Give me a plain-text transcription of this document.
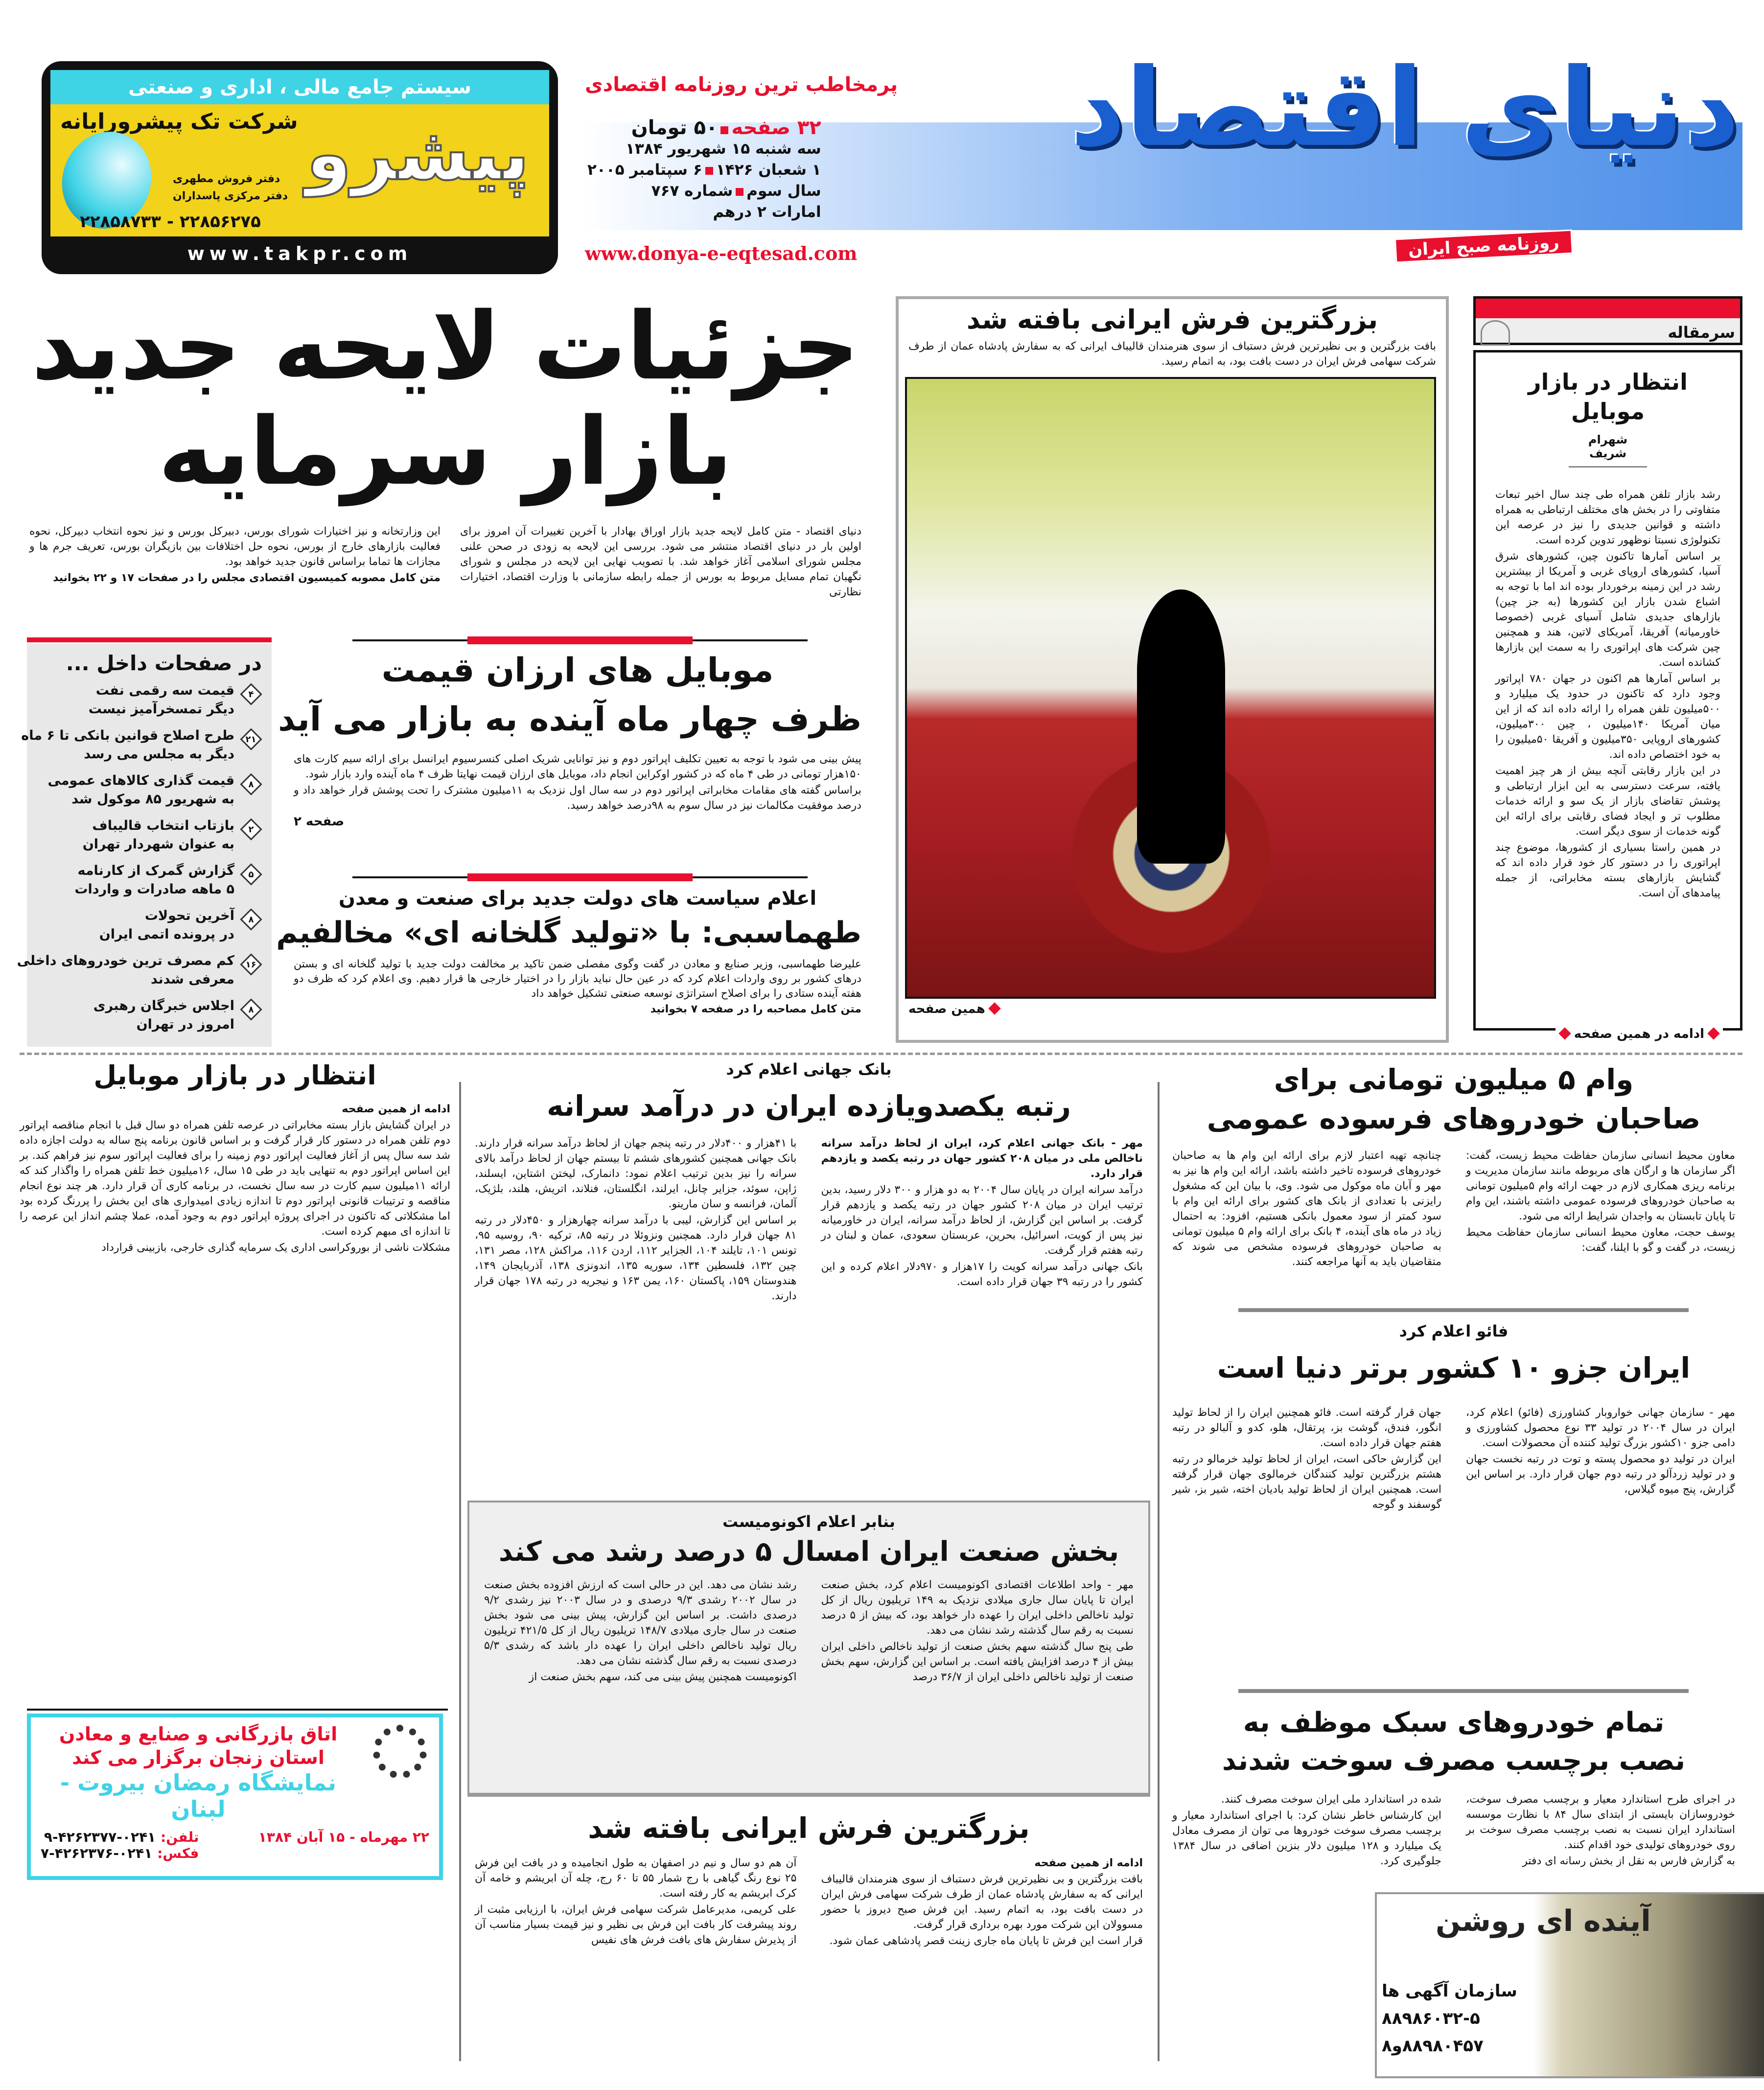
دنیای اقتصاد
روزنامه صبح ایران
پرمخاطب ترین روزنامه اقتصادی
۳۲ صفحه۵۰ تومان
سه شنبه ۱۵ شهریور ۱۳۸۴
۱ شعبان ۱۴۲۶۶ سپتامبر ۲۰۰۵
سال سومشماره ۷۶۷
امارات ۲ درهم
www.donya-e-eqtesad.com
سیستم جامع مالی ، اداری و صنعتی
پیشرو
شرکت تک پیشرورایانه
دفتر فروش مطهری
دفتر مرکزی پاسداران
۲۲۸۵۶۲۷۵ - ۲۲۸۵۸۷۳۳
www.takpr.com
جزئیات لایحه جدید
بازار سرمایه
دنیای اقتصاد - متن کامل لایحه جدید بازار اوراق بهادار با آخرین تغییرات آن امروز برای اولین بار در دنیای اقتصاد منتشر می شود. بررسی این لایحه به زودی در صحن علنی مجلس شورای اسلامی آغاز خواهد شد. با تصویب نهایی این لایحه در مجلس و شورای نگهبان تمام مسایل مربوط به بورس از جمله رابطه سازمانی با وزارت اقتصاد، اختیارات نظارتی

این وزارتخانه و نیز اختیارات شورای بورس، دبیرکل بورس و نیز نحوه انتخاب دبیرکل، نحوه فعالیت بازارهای خارج از بورس، نحوه حل اختلافات بین بازیگران بورس، تعریف جرم ها و مجازات ها تماما براساس قانون جدید خواهد بود.

متن کامل مصوبه کمیسیون اقتصادی مجلس را در صفحات ۱۷ و ۲۲ بخوانید

در صفحات داخل ...
۴
قیمت سه رقمی نفت
دیگر تمسخرآمیز نیست
۲۱
طرح اصلاح قوانین بانکی تا ۶ ماه
دیگر به مجلس می رسد
۸
قیمت گذاری کالاهای عمومی
به شهریور ۸۵ موکول شد
۲
بازتاب انتخاب قالیباف
به عنوان شهردار تهران
۵
گزارش گمرک از کارنامه
۵ ماهه صادرات و واردات
۸
آخرین تحولات
در پرونده اتمی ایران
۱۶
کم مصرف ترین خودروهای داخلی
معرفی شدند
۸
اجلاس خبرگان رهبری
امروز در تهران
موبایل های ارزان قیمت
ظرف چهار ماه آینده به بازار می آید

پیش بینی می شود با توجه به تعیین تکلیف اپراتور دوم و نیز توانایی شریک اصلی کنسرسیوم ایرانسل برای ارائه سیم کارت های ۱۵۰هزار تومانی در طی ۴ ماه که در کشور اوکراین انجام داد، موبایل های ارزان قیمت نهایتا ظرف ۴ ماه آینده وارد بازار شود.

براساس گفته های مقامات مخابراتی اپراتور دوم در سه سال اول نزدیک به ۱۱میلیون مشترک را تحت پوشش قرار خواهد داد و درصد موفقیت مکالمات نیز در سال سوم به ۹۸درصد خواهد رسید.

صفحه ۲

اعلام سیاست های دولت جدید برای صنعت و معدن
طهماسبی: با «تولید گلخانه ای» مخالفیم

علیرضا طهماسبی، وزیر صنایع و معادن در گفت وگوی مفصلی ضمن تاکید بر مخالفت دولت جدید با تولید گلخانه ای و بستن درهای کشور بر روی واردات اعلام کرد که در عین حال نباید بازار را در اختیار خارجی ها قرار دهیم. وی اعلام کرد که ظرف دو هفته آینده ستادی را برای اصلاح استراتژی توسعه صنعتی تشکیل خواهد داد

متن کامل مصاحبه را در صفحه ۷ بخوانید

بزرگترین فرش ایرانی بافته شد
بافت بزرگترین و بی نظیرترین فرش دستباف از سوی هنرمندان قالیباف ایرانی که به سفارش پادشاه عمان از طرف شرکت سهامی فرش ایران در دست بافت بود، به اتمام رسید.
همین صفحه
سرمقاله
انتظار در بازار موبایل
شهرام شریف

رشد بازار تلفن همراه طی چند سال اخیر تبعات متفاوتی را در بخش های مختلف ارتباطی به همراه داشته و قوانین جدیدی را نیز در عرصه این تکنولوژی نسبتا نوظهور تدوین کرده است.

بر اساس آمارها تاکنون چین، کشورهای شرق آسیا، کشورهای اروپای غربی و آمریکا از بیشترین رشد در این زمینه برخوردار بوده اند اما با توجه به اشباع شدن بازار این کشورها (به جز چین) بازارهای جدیدی شامل آسیای غربی (خصوصا خاورمیانه) آفریقا، آمریکای لاتین، هند و همچنین چین شرکت های اپراتوری را به سمت این بازارها کشانده است.

بر اساس آمارها هم اکنون در جهان ۷۸۰ اپراتور وجود دارد که تاکنون در حدود یک میلیارد و ۵۰۰میلیون تلفن همراه را ارائه داده اند که از این میان آمریکا ۱۴۰میلیون ، چین ۳۰۰میلیون، کشورهای اروپایی ۳۵۰میلیون و آفریقا ۵۰میلیون را به خود اختصاص داده اند.

در این بازار رقابتی آنچه بیش از هر چیز اهمیت یافته، سرعت دسترسی به این ابزار ارتباطی و پوشش تقاضای بازار از یک سو و ارائه خدمات مطلوب تر و ایجاد فضای رقابتی برای ارائه این گونه خدمات از سوی دیگر است.

در همین راستا بسیاری از کشورها، موضوع چند اپراتوری را در دستور کار خود قرار داده اند که گشایش بازارهای بسته مخابراتی، از جمله پیامدهای آن است.

ادامه در همین صفحه
انتظار در بازار موبایل

ادامه از همین صفحه

در ایران گشایش بازار بسته مخابراتی در عرصه تلفن همراه دو سال قبل با انجام مناقصه اپراتور دوم تلفن همراه در دستور کار قرار گرفت و بر اساس قانون برنامه پنج ساله به دولت اجازه داده شد سه سال پس از آغاز فعالیت اپراتور دوم زمینه را برای فعالیت اپراتور سوم نیز فراهم کند. بر این اساس اپراتور دوم به تنهایی باید در طی ۱۵ سال، ۱۶میلیون خط تلفن همراه را واگذار کند که ارائه ۱۱میلیون سیم کارت در سه سال نخست، در برنامه کاری آن قرار دارد. هر چند نوع انجام مناقصه و ترتیبات قانونی اپراتور دوم تا اندازه زیادی امیدواری های این بخش را پررنگ کرده بود اما مشکلاتی که تاکنون در اجرای پروژه اپراتور دوم به وجود آمده، عملا چشم انداز این عرصه را تا اندازه ای مبهم کرده است.

مشکلات ناشی از بوروکراسی اداری یک سرمایه گذاری خارجی، بازبینی قرارداد

اتاق بازرگانی و صنایع و معادن
استان زنجان برگزار می کند
نمایشگاه رمضان بیروت - لبنان
۲۲ مهرماه - ۱۵ آبان ۱۳۸۴
تلفن: ۰۲۴۱-۴۲۶۲۳۷۷-۹
فکس: ۰۲۴۱-۴۲۶۲۳۷۶-۷
آینده ای روشن
سازمان آگهی ها
۸۸۹۸۶۰۳۲-۵
۸۸۹۸۰۴۵۷و۸
بانک جهانی اعلام کرد
رتبه یکصدویازده ایران در درآمد سرانه

مهر - بانک جهانی اعلام کرد، ایران از لحاظ درآمد سرانه ناخالص ملی در میان ۲۰۸ کشور جهان در رتبه یکصد و یازدهم قرار دارد.

درآمد سرانه ایران در پایان سال ۲۰۰۴ به دو هزار و ۳۰۰ دلار رسید، بدین ترتیب ایران در میان ۲۰۸ کشور جهان در رتبه یکصد و یازدهم قرار گرفت. بر اساس این گزارش، از لحاظ درآمد سرانه، ایران در خاورمیانه نیز پس از کویت، اسرائیل، بحرین، عربستان سعودی، عمان و لبنان در رتبه هفتم قرار گرفت.

بانک جهانی درآمد سرانه کویت را ۱۷هزار و ۹۷۰دلار اعلام کرده و این کشور را در رتبه ۳۹ جهان قرار داده است.

با ۴۱هزار و ۴۰۰دلار در رتبه پنجم جهان از لحاظ درآمد سرانه قرار دارند. بانک جهانی همچنین کشورهای ششم تا بیستم جهان از لحاظ درآمد بالای سرانه را نیز بدین ترتیب اعلام نمود: دانمارک، لیختن اشتاین، ایسلند، ژاپن، سوئد، جزایر چانل، ایرلند، انگلستان، فنلاند، اتریش، هلند، بلژیک، آلمان، فرانسه و سان مارینو.

بر اساس این گزارش، لیبی با درآمد سرانه چهارهزار و ۴۵۰دلار در رتبه ۸۱ جهان قرار دارد. همچنین ونزوئلا در رتبه ۸۵، ترکیه ۹۰، روسیه ۹۵، تونس ۱۰۱، تایلند ۱۰۴، الجزایر ۱۱۲، اردن ۱۱۶، مراکش ۱۲۸، مصر ۱۳۱، چین ۱۳۲، فلسطین ۱۳۴، سوریه ۱۳۵، اندونزی ۱۳۸، آذربایجان ۱۴۹، هندوستان ۱۵۹، پاکستان ۱۶۰، یمن ۱۶۳ و نیجریه در رتبه ۱۷۸ جهان قرار دارند.

بنابر اعلام اکونومیست
بخش صنعت ایران امسال ۵ درصد رشد می کند

مهر - واحد اطلاعات اقتصادی اکونومیست اعلام کرد، بخش صنعت ایران تا پایان سال جاری میلادی نزدیک به ۱۴۹ تریلیون ریال از کل تولید ناخالص داخلی ایران را عهده دار خواهد بود، که بیش از ۵ درصد نسبت به رقم سال گذشته رشد نشان می دهد.

طی پنج سال گذشته سهم بخش صنعت از تولید ناخالص داخلی ایران بیش از ۴ درصد افزایش یافته است. بر اساس این گزارش، سهم بخش صنعت از تولید ناخالص داخلی ایران از ۳۶/۷ درصد

رشد نشان می دهد. این در حالی است که ارزش افزوده بخش صنعت در سال ۲۰۰۲ رشدی ۹/۳ درصدی و در سال ۲۰۰۳ نیز رشدی ۹/۲ درصدی داشت. بر اساس این گزارش، پیش بینی می شود بخش صنعت در سال جاری میلادی ۱۴۸/۷ تریلیون ریال از کل ۴۲۱/۵ تریلیون ریال تولید ناخالص داخلی ایران را عهده دار باشد که رشدی ۵/۳ درصدی نسبت به رقم سال گذشته نشان می دهد.

اکونومیست همچنین پیش بینی می کند، سهم بخش صنعت از

بزرگترین فرش ایرانی بافته شد

ادامه از همین صفحه

بافت بزرگترین و بی نظیرترین فرش دستباف از سوی هنرمندان قالیباف ایرانی که به سفارش پادشاه عمان از طرف شرکت سهامی فرش ایران در دست بافت بود، به اتمام رسید. این فرش صبح دیروز با حضور مسوولان این شرکت مورد بهره برداری قرار گرفت.

قرار است این فرش تا پایان ماه جاری زینت قصر پادشاهی عمان شود.

آن هم دو سال و نیم در اصفهان به طول انجامیده و در بافت این فرش ۲۵ نوع رنگ گیاهی با رج شمار ۵۵ تا ۶۰ رج، چله آن ابریشم و خامه آن کرک ابریشم به کار رفته است.

علی کریمی، مدیرعامل شرکت سهامی فرش ایران، با ارزیابی مثبت از روند پیشرفت کار بافت این فرش بی نظیر و نیز قیمت بسیار مناسب آن از پذیرش سفارش های بافت فرش های نفیس

وام ۵ میلیون تومانی برای
صاحبان خودروهای فرسوده عمومی

معاون محیط انسانی سازمان حفاظت محیط زیست، گفت: اگر سازمان ها و ارگان های مربوطه مانند سازمان مدیریت و برنامه ریزی همکاری لازم در جهت ارائه وام ۵میلیون تومانی به صاحبان خودروهای فرسوده عمومی داشته باشند، این وام تا پایان تابستان به واجدان شرایط ارائه می شود.

یوسف حجت، معاون محیط انسانی سازمان حفاظت محیط زیست، در گفت و گو با ایلنا، گفت:

چنانچه تهیه اعتبار لازم برای ارائه این وام ها به صاحبان خودروهای فرسوده تاخیر داشته باشد، ارائه این وام ها نیز به مهر و آبان ماه موکول می شود. وی، با بیان این که مشغول رایزنی با تعدادی از بانک های کشور برای ارائه این وام با سود کمتر از سود معمول بانکی هستیم، افزود: به احتمال زیاد در ماه های آینده، ۴ بانک برای ارائه وام ۵ میلیون تومانی به صاحبان خودروهای فرسوده مشخص می شوند که متقاضیان باید به آنها مراجعه کنند.

فائو اعلام کرد
ایران جزو ۱۰ کشور برتر دنیا است

مهر - سازمان جهانی خواروبار کشاورزی (فائو) اعلام کرد، ایران در سال ۲۰۰۴ در تولید ۳۳ نوع محصول کشاورزی و دامی جزو ۱۰کشور بزرگ تولید کننده آن محصولات است.

ایران در تولید دو محصول پسته و توت در رتبه نخست جهان و در تولید زردآلو در رتبه دوم جهان قرار دارد. بر اساس این گزارش، پنج میوه گیلاس،

جهان قرار گرفته است. فائو همچنین ایران را از لحاظ تولید انگور، فندق، گوشت بز، پرتقال، هلو، کدو و آلبالو در رتبه هفتم جهان قرار داده است.

این گزارش حاکی است، ایران از لحاظ تولید خرمالو در رتبه هشتم بزرگترین تولید کنندگان خرمالوی جهان قرار گرفته است. همچنین ایران از لحاظ تولید بادیان اخته، شیر بز، شیر گوسفند و گوجه

تمام خودروهای سبک موظف به
نصب برچسب مصرف سوخت شدند

در اجرای طرح استاندارد معیار و برچسب مصرف سوخت، خودروسازان بایستی از ابتدای سال ۸۴ با نظارت موسسه استاندارد ایران نسبت به نصب برچسب مصرف سوخت بر روی خودروهای تولیدی خود اقدام کنند.

به گزارش فارس به نقل از بخش رسانه ای دفتر

شده در استاندارد ملی ایران سوخت مصرف کنند.

این کارشناس خاطر نشان کرد: با اجرای استاندارد معیار و برچسب مصرف سوخت خودروها می توان از مصرف معادل یک میلیارد و ۱۲۸ میلیون دلار بنزین اضافی در سال ۱۳۸۴ جلوگیری کرد.
